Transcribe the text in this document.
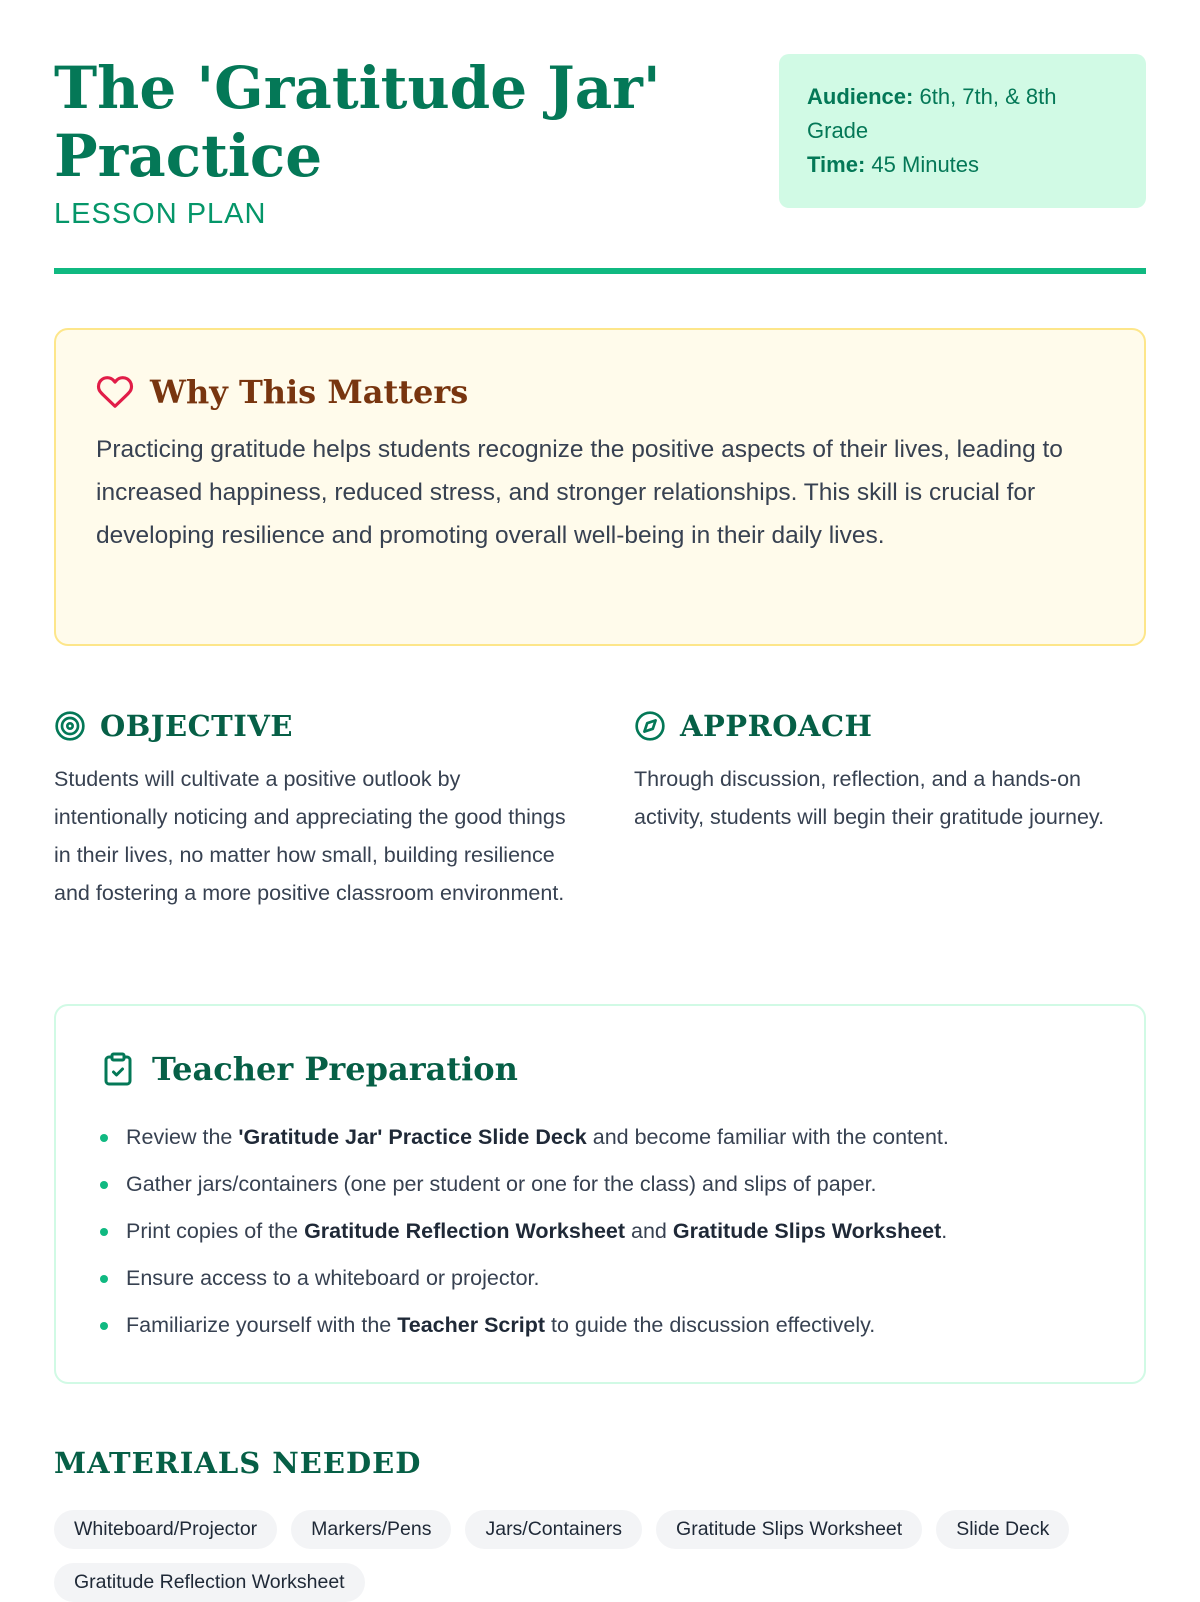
The 'Gratitude Jar' Practice
LESSON PLAN
Audience: 6th, 7th, & 8th Grade
Time: 45 Minutes
Why This Matters
Practicing gratitude helps students recognize the positive aspects of their lives, leading to increased happiness, reduced stress, and stronger relationships. This skill is crucial for developing resilience and promoting overall well-being in their daily lives.
OBJECTIVE
Students will cultivate a positive outlook by intentionally noticing and appreciating the good things in their lives, no matter how small, building resilience and fostering a more positive classroom environment.
APPROACH
Through discussion, reflection, and a hands-on activity, students will begin their gratitude journey.
Teacher Preparation
Review the 'Gratitude Jar' Practice Slide Deck and become familiar with the content.
Gather jars/containers (one per student or one for the class) and slips of paper.
Print copies of the Gratitude Reflection Worksheet and Gratitude Slips Worksheet.
Ensure access to a whiteboard or projector.
Familiarize yourself with the Teacher Script to guide the discussion effectively.
MATERIALS NEEDED
Whiteboard/Projector	Markers/Pens	Jars/Containers	Gratitude Slips Worksheet	Slide Deck
Gratitude Reflection Worksheet
